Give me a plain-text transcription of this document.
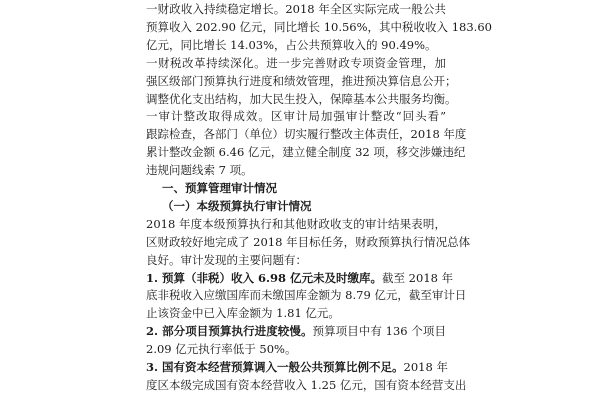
一财政收入持续稳定增长。2018 年全区实际完成一般公共

预算收入 202.90 亿元，同比增长 10.56%，其中税收收入 183.60

亿元，同比增长 14.03%，占公共预算收入的 90.49%。

一财税改革持续深化。进一步完善财政专项资金管理，加

强区级部门预算执行进度和绩效管理，推进预决算信息公开；

调整优化支出结构，加大民生投入，保障基本公共服务均衡。

一审计整改取得成效。区审计局加强审计整改“回头看”

跟踪检查，各部门（单位）切实履行整改主体责任，2018 年度

累计整改金额 6.46 亿元，建立健全制度 32 项，移交涉嫌违纪

违规问题线索 7 项。

一、预算管理审计情况

（一）本级预算执行审计情况

2018 年度本级预算执行和其他财政收支的审计结果表明，

区财政较好地完成了 2018 年目标任务，财政预算执行情况总体

良好。审计发现的主要问题有：

1. 预算（非税）收入 6.98 亿元未及时缴库。截至 2018 年

底非税收入应缴国库而未缴国库金额为 8.79 亿元，截至审计日

止该资金中已入库金额为 1.81 亿元。

2. 部分项目预算执行进度较慢。预算项目中有 136 个项目

2.09 亿元执行率低于 50%。

3. 国有资本经营预算调入一般公共预算比例不足。2018 年

度区本级完成国有资本经营收入 1.25 亿元，国有资本经营支出
